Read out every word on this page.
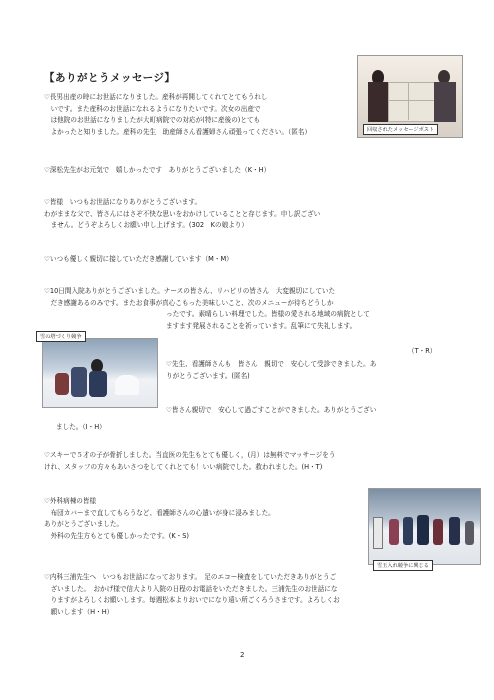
【ありがとうメッセージ】
回収されたメッセージポスト
♡長男出産の時にお世話になりました。産科が再開してくれてとてもうれし
　いです。また産科のお世話になれるようになりたいです。次女の出産で
　は他院のお世話になりましたが大町病院での対応が(特に産後の)とても
　よかったと知りました。産科の先生　助産師さん看護婦さん頑張ってください。（匿名）
♡深松先生がお元気で　嬉しかったです　ありがとうございました（K・H）
♡皆様　いつもお世話になりありがとうございます。
わがままな父で、皆さんにはさぞ不快な思いをおかけしていることと存じます。申し訳ござい
　ません。どうぞよろしくお願い申し上げます。(302　Kの娘より）
♡いつも優しく親切に接していただき感謝しています（M・M）
♡10日間入院ありがとうございました。ナースの皆さん、リハビリの皆さん　大変親切にしていた
　だき感謝あるのみです。またお食事が真心こもった美味しいこと、次のメニューが待ちどうしか
ったです。素晴らしい料理でした。皆様の愛される地域の病院として
ますます発展されることを祈っています。乱筆にて失礼します。
（T・R）
雪の塔づくり競争
♡先生、看護師さんも　皆さん　親切で　安心して受診できました。あ
りがとうございます。(匿名)
♡皆さん親切で　安心して過ごすことができました。ありがとうござい
ました。（I・H）
♡スキーで５才の子が骨折しました。当直医の先生もとても優しく，(月）は無料でマッサージをう
けれ、スタッフの方々もあいさつをしてくれとても！いい病院でした。救われました。(H・T)
♡外科病棟の皆様
　布団カバーまで直してもらうなど、看護師さんの心遣いが身に浸みました。
ありがとうございました。
　外科の先生方もとても優しかったです。(K・S)
雪玉入れ競争に興じる
♡内科三浦先生へ　いつもお世話になっております。　足のエコー検査をしていただきありがとうご
　ざいました。　おかげ様で信大より入院の日程のお電話をいただきました。三浦先生のお世話にな
　りますがよろしくお願いします。毎週松本よりおいでになり遠い所ごくろうさまです。よろしくお
　願いします（H・H）
2
